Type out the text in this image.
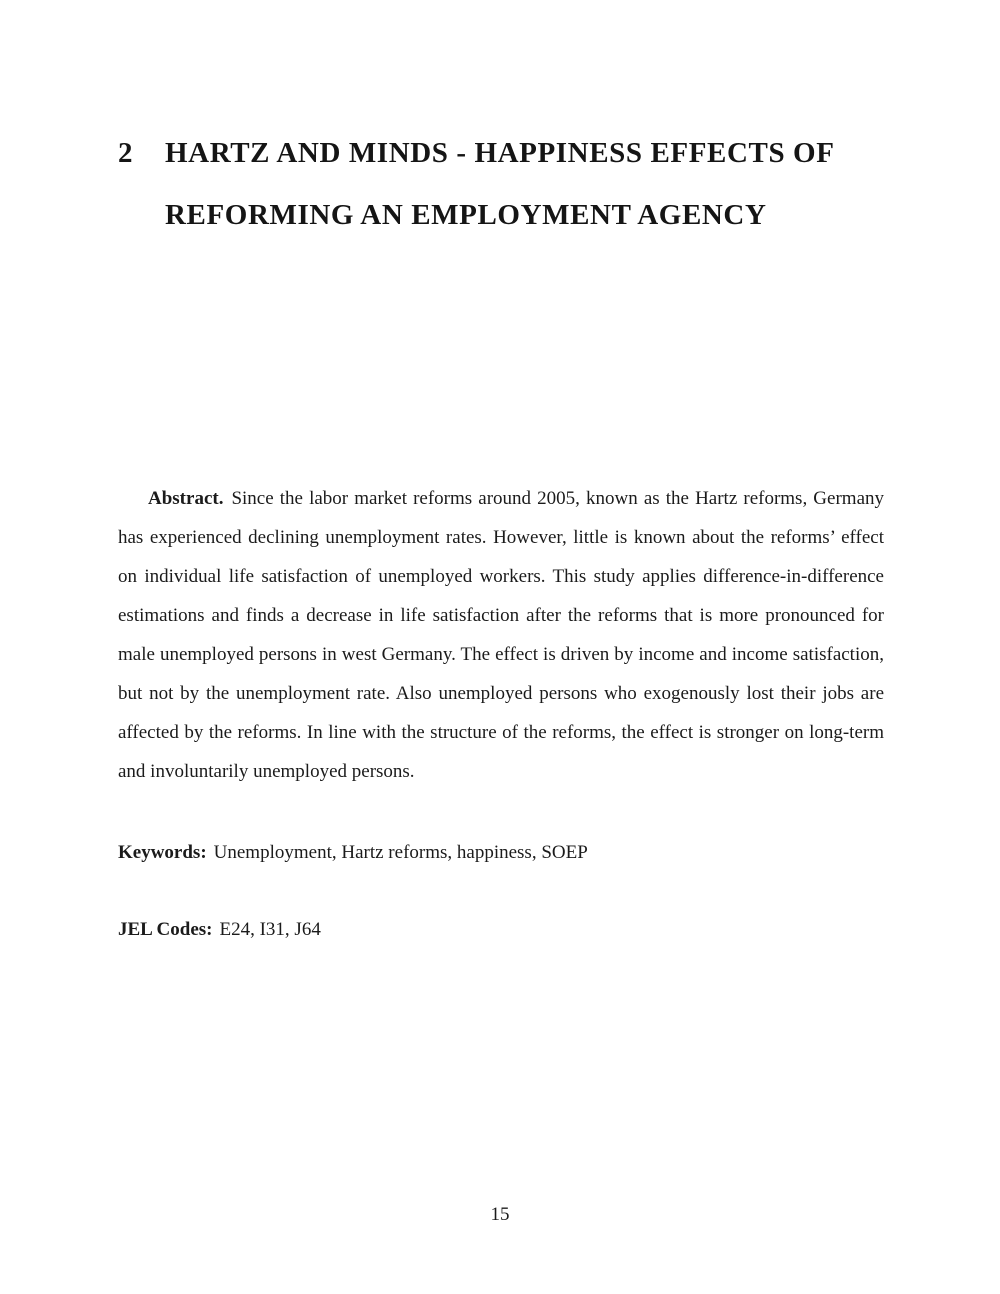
2	HARTZ AND MINDS - HAPPINESS EFFECTS OF
REFORMING AN EMPLOYMENT AGENCY

Abstract. Since the labor market reforms around 2005, known as the Hartz reforms, Germany has experienced declining unemployment rates. However, little is known about the reforms’ effect on individual life satisfaction of unemployed workers. This study applies difference-in-difference estimations and finds a decrease in life satisfaction after the reforms that is more pronounced for male unemployed persons in west Germany. The effect is driven by income and income satisfaction, but not by the unemployment rate. Also unemployed persons who exogenously lost their jobs are affected by the reforms. In line with the structure of the reforms, the effect is stronger on long-term and involuntarily unemployed persons.

Keywords: Unemployment, Hartz reforms, happiness, SOEP
JEL Codes: E24, I31, J64
15
